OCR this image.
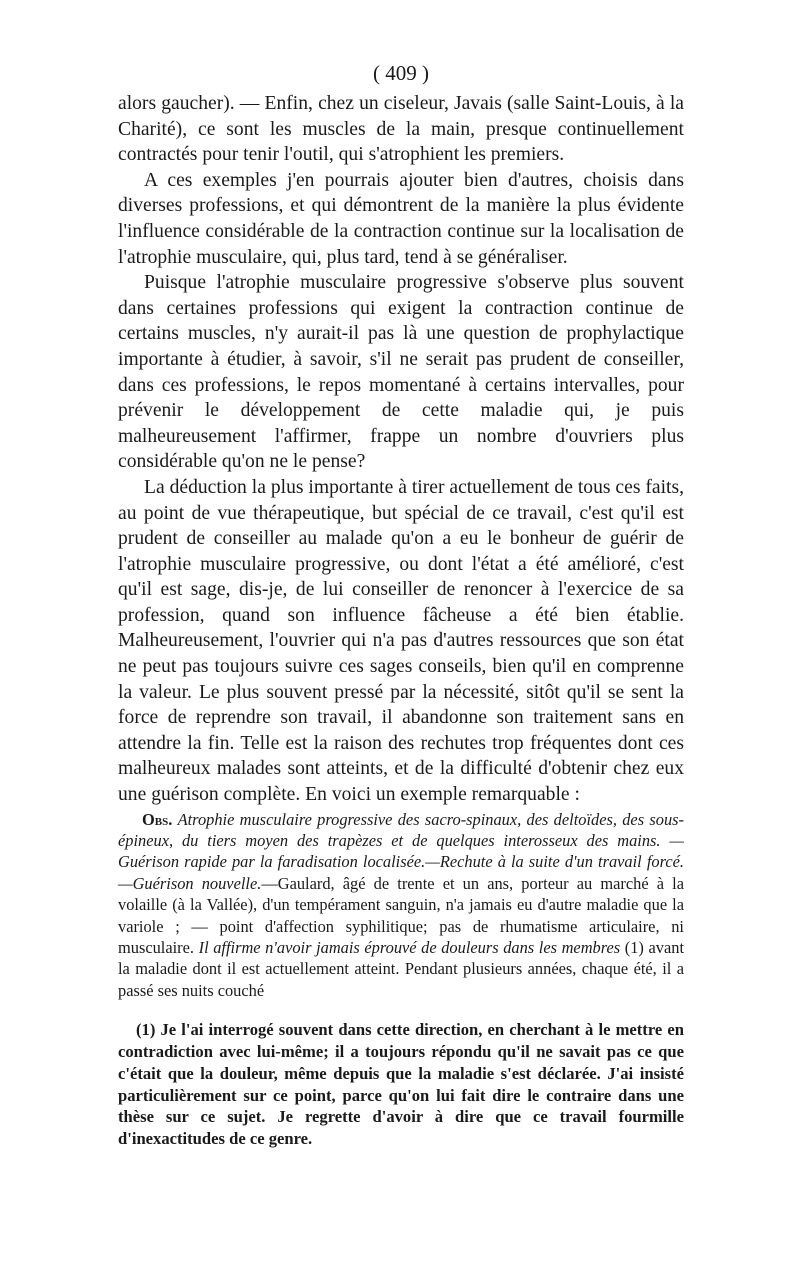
( 409 )

alors gaucher). — Enfin, chez un ciseleur, Javais (salle Saint-Louis, à la Charité), ce sont les muscles de la main, presque continuellement contractés pour tenir l'outil, qui s'atrophient les premiers.

A ces exemples j'en pourrais ajouter bien d'autres, choisis dans diverses professions, et qui démontrent de la manière la plus évidente l'influence considérable de la contraction continue sur la localisation de l'atrophie musculaire, qui, plus tard, tend à se généraliser.

Puisque l'atrophie musculaire progressive s'observe plus souvent dans certaines professions qui exigent la contraction continue de certains muscles, n'y aurait-il pas là une question de prophylactique importante à étudier, à savoir, s'il ne serait pas prudent de conseiller, dans ces professions, le repos momentané à certains intervalles, pour prévenir le développement de cette maladie qui, je puis malheureusement l'affirmer, frappe un nombre d'ouvriers plus considérable qu'on ne le pense?

La déduction la plus importante à tirer actuellement de tous ces faits, au point de vue thérapeutique, but spécial de ce travail, c'est qu'il est prudent de conseiller au malade qu'on a eu le bonheur de guérir de l'atrophie musculaire progressive, ou dont l'état a été amélioré, c'est qu'il est sage, dis-je, de lui conseiller de renoncer à l'exercice de sa profession, quand son influence fâcheuse a été bien établie. Malheureusement, l'ouvrier qui n'a pas d'autres ressources que son état ne peut pas toujours suivre ces sages conseils, bien qu'il en comprenne la valeur. Le plus souvent pressé par la nécessité, sitôt qu'il se sent la force de reprendre son travail, il abandonne son traitement sans en attendre la fin. Telle est la raison des rechutes trop fréquentes dont ces malheureux malades sont atteints, et de la difficulté d'obtenir chez eux une guérison complète. En voici un exemple remarquable :

Obs. Atrophie musculaire progressive des sacro-spinaux, des deltoïdes, des sous-épineux, du tiers moyen des trapèzes et de quelques interosseux des mains. — Guérison rapide par la faradisation localisée.—Rechute à la suite d'un travail forcé.—Guérison nouvelle.—Gaulard, âgé de trente et un ans, porteur au marché à la volaille (à la Vallée), d'un tempérament sanguin, n'a jamais eu d'autre maladie que la variole ; — point d'affection syphilitique; pas de rhumatisme articulaire, ni musculaire. Il affirme n'avoir jamais éprouvé de douleurs dans les membres (1) avant la maladie dont il est actuellement atteint. Pendant plusieurs années, chaque été, il a passé ses nuits couché
(1) Je l'ai interrogé souvent dans cette direction, en cherchant à le mettre en contradiction avec lui-même; il a toujours répondu qu'il ne savait pas ce que c'était que la douleur, même depuis que la maladie s'est déclarée. J'ai insisté particulièrement sur ce point, parce qu'on lui fait dire le contraire dans une thèse sur ce sujet. Je regrette d'avoir à dire que ce travail fourmille d'inexactitudes de ce genre.
